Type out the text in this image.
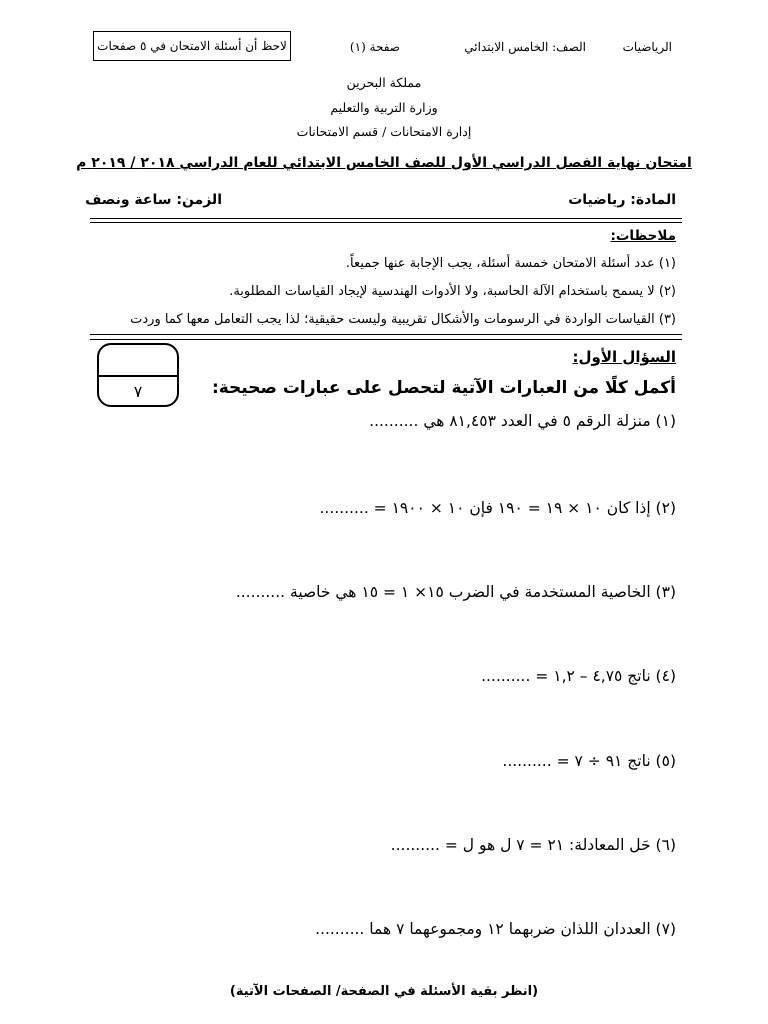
الرياضيات
الصف: الخامس الابتدائي
صفحة (١)
لاحظ أن أسئلة الامتحان في ٥ صفحات
مملكة البحرين
وزارة التربية والتعليم
إدارة الامتحانات / قسم الامتحانات
امتحان نهاية الفصل الدراسي الأول للصف الخامس الابتدائي للعام الدراسي ٢٠١٨ / ٢٠١٩ م
المادة: رياضيات
الزمن: ساعة ونصف
ملاحظات:
(١) عدد أسئلة الامتحان خمسة أسئلة، يجب الإجابة عنها جميعاً.
(٢) لا يسمح باستخدام الآلة الحاسبة، ولا الأدوات الهندسية لإيجاد القياسات المطلوبة.
(٣) القياسات الواردة في الرسومات والأشكال تقريبية وليست حقيقية؛ لذا يجب التعامل معها كما وردت
٧
السؤال الأول:
أكمل كلًا من العبارات الآتية لتحصل على عبارات صحيحة:
(١) منزلة الرقم ٥ في العدد ٨١,٤٥٣ هي ..........
(٢) إذا كان ١٠ × ١٩ = ١٩٠ فإن ١٠ × ١٩٠٠ = ..........
(٣) الخاصية المستخدمة في الضرب ١٥× ١ = ١٥ هي خاصية ..........
(٤) ناتج ٤,٧٥ – ١,٢ = ..........
(٥) ناتج ٩١ ÷ ٧ = ..........
(٦) حَل المعادلة: ٢١ = ٧ ل هو ل = ..........
(٧) العددان اللذان ضربهما ١٢ ومجموعهما ٧ هما ..........
(انظر بقية الأسئلة في الصفحة/ الصفحات الآتية)
